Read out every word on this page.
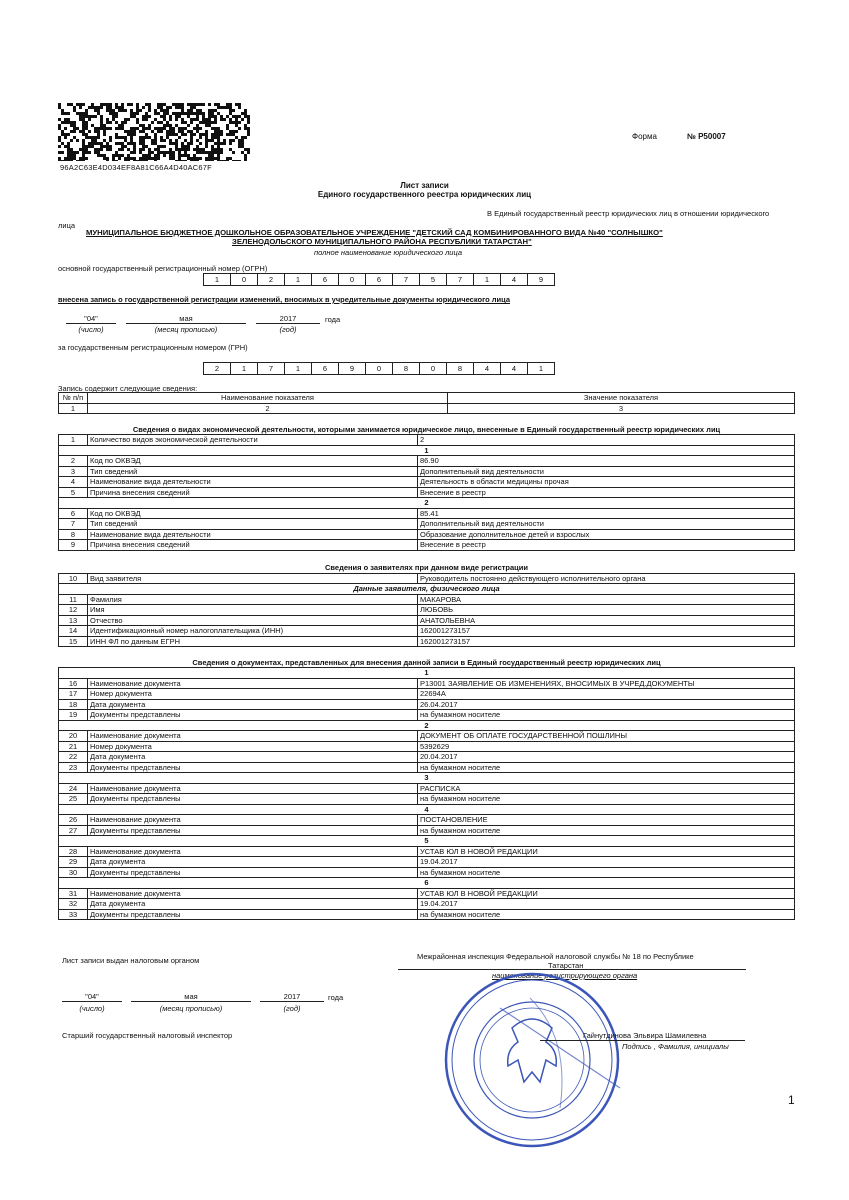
96A2C63E4D034EF8A81C66A4D40AC67F
Форма	№ Р50007
Лист записи
Единого государственного реестра юридических лиц
В Единый государственный реестр юридических лиц в отношении юридического
лица
МУНИЦИПАЛЬНОЕ БЮДЖЕТНОЕ ДОШКОЛЬНОЕ ОБРАЗОВАТЕЛЬНОЕ УЧРЕЖДЕНИЕ "ДЕТСКИЙ САД КОМБИНИРОВАННОГО ВИДА №40 "СОЛНЫШКО"
ЗЕЛЕНОДОЛЬСКОГО МУНИЦИПАЛЬНОГО РАЙОНА РЕСПУБЛИКИ ТАТАРСТАН"
полное наименование юридического лица
основной государственный регистрационный номер (ОГРН)
1	0	2	1	6	0	6	7	5	7	1	4	9
внесена запись о государственной регистрации изменений, вносимых в учредительные документы юридического лица
"04"	мая	2017	года
(число)	(месяц прописью)	(год)
за государственным регистрационным номером (ГРН)
2	1	7	1	6	9	0	8	0	8	4	4	1
Запись содержит следующие сведения:
№ п/п	Наименование показателя	Значение показателя
1	2	3
Сведения о видах экономической деятельности, которыми занимается юридическое лицо, внесенные в Единый государственный реестр юридических лиц		
1	Количество видов экономической деятельности	2
1		
2	Код по ОКВЭД	86.90
3	Тип сведений	Дополнительный вид деятельности
4	Наименование вида деятельности	Деятельность в области медицины прочая
5	Причина внесения сведений	Внесение в реестр
2		
6	Код по ОКВЭД	85.41
7	Тип сведений	Дополнительный вид деятельности
8	Наименование вида деятельности	Образование дополнительное детей и взрослых
9	Причина внесения сведений	Внесение в реестр
Сведения о заявителях при данном виде регистрации		
10	Вид заявителя	Руководитель постоянно действующего исполнительного органа
Данные заявителя, физического лица		
11	Фамилия	МАКАРОВА
12	Имя	ЛЮБОВЬ
13	Отчество	АНАТОЛЬЕВНА
14	Идентификационный номер налогоплательщика (ИНН)	162001273157
15	ИНН ФЛ по данным ЕГРН	162001273157
Сведения о документах, представленных для внесения данной записи в Единый государственный реестр юридических лиц		
1		
16	Наименование документа	Р13001 ЗАЯВЛЕНИЕ ОБ ИЗМЕНЕНИЯХ, ВНОСИМЫХ В УЧРЕД.ДОКУМЕНТЫ
17	Номер документа	22694А
18	Дата документа	26.04.2017
19	Документы представлены	на бумажном носителе
2		
20	Наименование документа	ДОКУМЕНТ ОБ ОПЛАТЕ ГОСУДАРСТВЕННОЙ ПОШЛИНЫ
21	Номер документа	5392629
22	Дата документа	20.04.2017
23	Документы представлены	на бумажном носителе
3		
24	Наименование документа	РАСПИСКА
25	Документы представлены	на бумажном носителе
4		
26	Наименование документа	ПОСТАНОВЛЕНИЕ
27	Документы представлены	на бумажном носителе
5		
28	Наименование документа	УСТАВ ЮЛ В НОВОЙ РЕДАКЦИИ
29	Дата документа	19.04.2017
30	Документы представлены	на бумажном носителе
6		
31	Наименование документа	УСТАВ ЮЛ В НОВОЙ РЕДАКЦИИ
32	Дата документа	19.04.2017
33	Документы представлены	на бумажном носителе
Лист записи выдан налоговым органом	Межрайонная инспекция Федеральной налоговой службы № 18 по Республике
Татарстан
наименование регистрирующего органа
"04"	мая	2017	года
(число)	(месяц прописью)	(год)
Старший государственный налоговый инспектор	Гайнутдинова Эльвира Шамилевна
Подпись , Фамилия, инициалы
1
